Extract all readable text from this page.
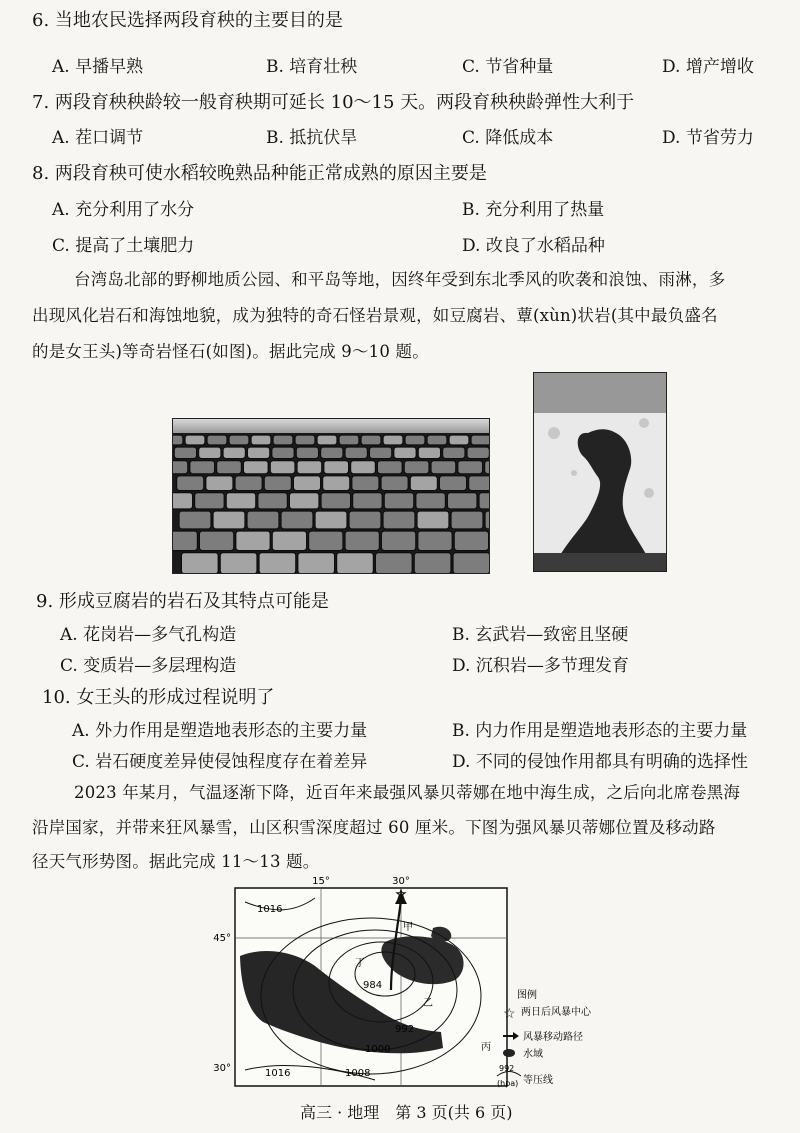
6. 当地农民选择两段育秧的主要目的是
A. 早播早熟	B. 培育壮秧	C. 节省种量	D. 增产增收
7. 两段育秧秧龄较一般育秧期可延长 10～15 天。两段育秧秧龄弹性大利于
A. 茬口调节	B. 抵抗伏旱	C. 降低成本	D. 节省劳力
8. 两段育秧可使水稻较晚熟品种能正常成熟的原因主要是
A. 充分利用了水分	B. 充分利用了热量
C. 提高了土壤肥力	D. 改良了水稻品种
台湾岛北部的野柳地质公园、和平岛等地，因终年受到东北季风的吹袭和浪蚀、雨淋，多
出现风化岩石和海蚀地貌，成为独特的奇石怪岩景观，如豆腐岩、蕈(xùn)状岩(其中最负盛名
的是女王头)等奇岩怪石(如图)。据此完成 9～10 题。
9. 形成豆腐岩的岩石及其特点可能是
A. 花岗岩—多气孔构造	B. 玄武岩—致密且坚硬
C. 变质岩—多层理构造	D. 沉积岩—多节理发育
10. 女王头的形成过程说明了
A. 外力作用是塑造地表形态的主要力量	B. 内力作用是塑造地表形态的主要力量
C. 岩石硬度差异使侵蚀程度存在着差异	D. 不同的侵蚀作用都具有明确的选择性
2023 年某月，气温逐渐下降，近百年来最强风暴贝蒂娜在地中海生成，之后向北席卷黑海
沿岸国家，并带来狂风暴雪，山区积雪深度超过 60 厘米。下图为强风暴贝蒂娜位置及移动路
径天气形势图。据此完成 11～13 题。
☆
15°	30°
45°
30°
1016
984
992
1000
1008
1016
甲
乙
丙
丁
图例
☆ 两日后风暴中心
风暴移动路径
水域
992
(hpa) 等压线
高三 · 地理　第 3 页(共 6 页)
